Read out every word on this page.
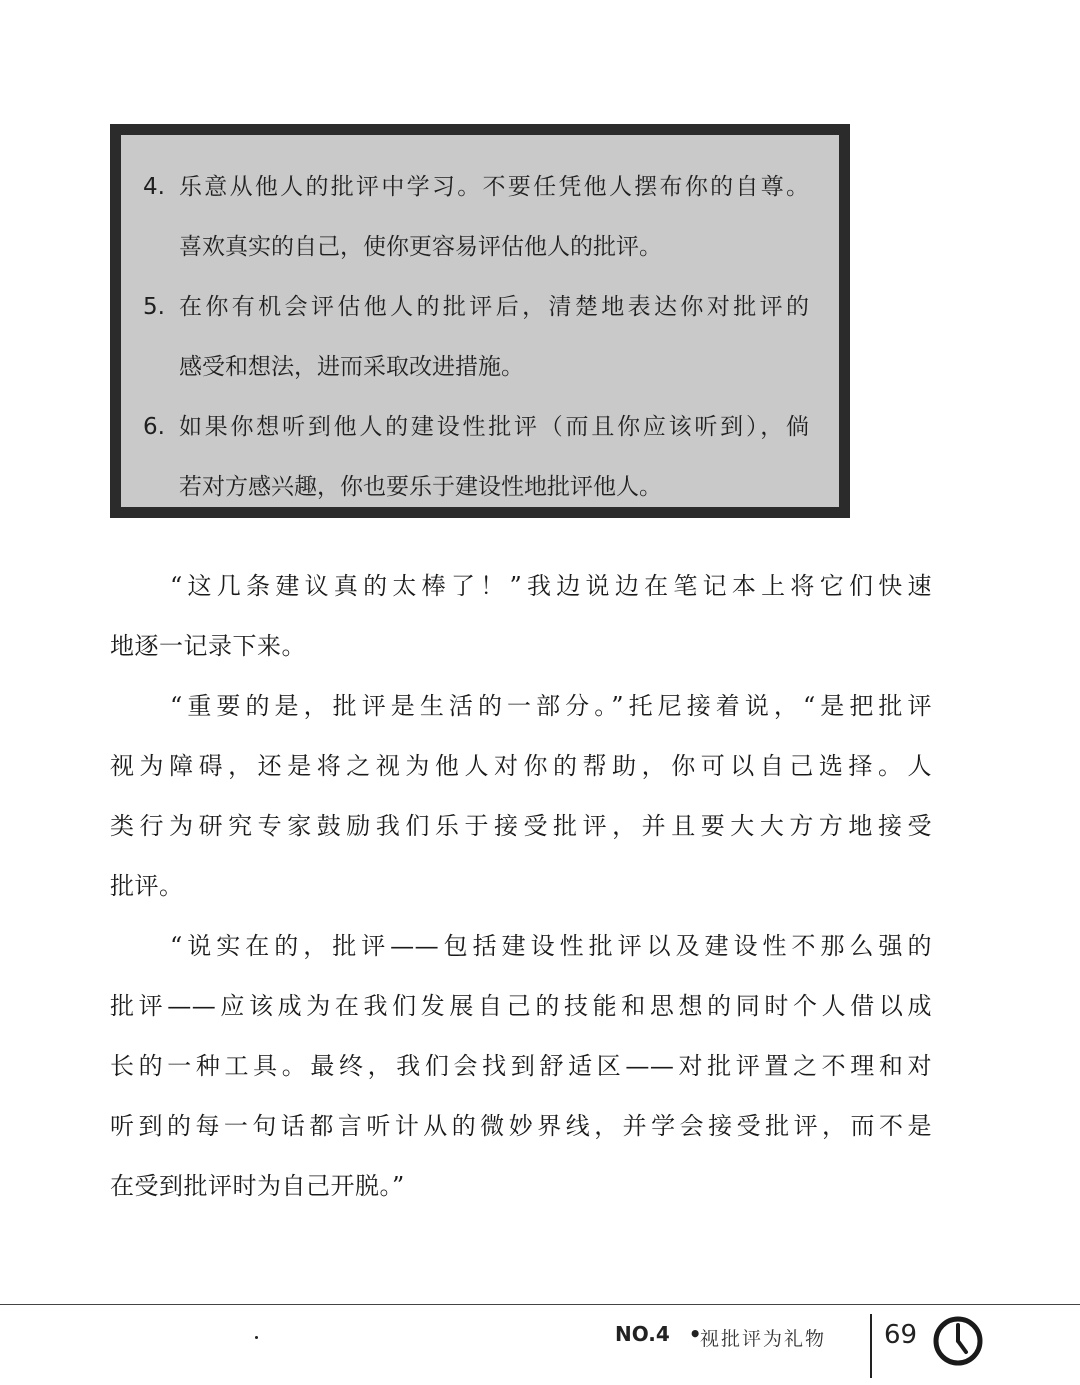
4. 乐意从他人的批评中学习。不要任凭他人摆布你的自尊。
喜欢真实的自己，使你更容易评估他人的批评。
5. 在你有机会评估他人的批评后，清楚地表达你对批评的
感受和想法，进而采取改进措施。
6. 如果你想听到他人的建设性批评（而且你应该听到），倘
若对方感兴趣，你也要乐于建设性地批评他人。
“这几条建议真的太棒了！”我边说边在笔记本上将它们快速
地逐一记录下来。
“重要的是，批评是生活的一部分。”托尼接着说，“是把批评
视为障碍，还是将之视为他人对你的帮助，你可以自己选择。人
类行为研究专家鼓励我们乐于接受批评，并且要大大方方地接受
批评。
“说实在的，批评——包括建设性批评以及建设性不那么强的
批评——应该成为在我们发展自己的技能和思想的同时个人借以成
长的一种工具。最终，我们会找到舒适区——对批评置之不理和对
听到的每一句话都言听计从的微妙界线，并学会接受批评，而不是
在受到批评时为自己开脱。”
NO.4 •
视批评为礼物 69
